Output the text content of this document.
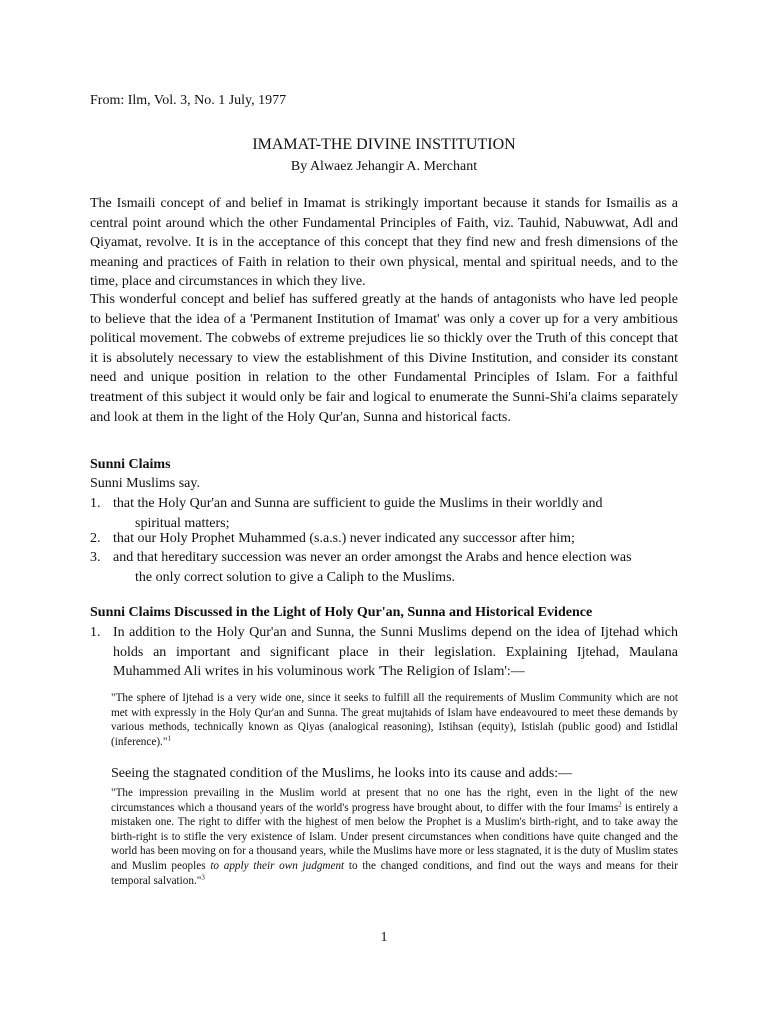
From: Ilm, Vol. 3, No. 1 July, 1977
IMAMAT-THE DIVINE INSTITUTION
By Alwaez Jehangir A. Merchant

The Ismaili concept of and belief in Imamat is strikingly important because it stands for Ismailis as a central point around which the other Fundamental Principles of Faith, viz. Tauhid, Nabuwwat, Adl and Qiyamat, revolve. It is in the acceptance of this concept that they find new and fresh dimensions of the meaning and practices of Faith in relation to their own physical, mental and spiritual needs, and to the time, place and circumstances in which they live.

This wonderful concept and belief has suffered greatly at the hands of antagonists who have led people to believe that the idea of a 'Permanent Institution of Imamat' was only a cover up for a very ambitious political movement. The cobwebs of extreme prejudices lie so thickly over the Truth of this concept that it is absolutely necessary to view the establishment of this Divine Institution, and consider its constant need and unique position in relation to the other Fundamental Principles of Islam. For a faithful treatment of this subject it would only be fair and logical to enumerate the Sunni-Shi'a claims separately and look at them in the light of the Holy Qur'an, Sunna and historical facts.

Sunni Claims
Sunni Muslims say.
1. that the Holy Qur'an and Sunna are sufficient to guide the Muslims in their worldly and
spiritual matters;
2. that our Holy Prophet Muhammed (s.a.s.) never indicated any successor after him;
3. and that hereditary succession was never an order amongst the Arabs and hence election was
the only correct solution to give a Caliph to the Muslims.
Sunni Claims Discussed in the Light of Holy Qur'an, Sunna and Historical Evidence
1. In addition to the Holy Qur'an and Sunna, the Sunni Muslims depend on the idea of Ijtehad which holds an important and significant place in their legislation. Explaining Ijtehad, Maulana Muhammed Ali writes in his voluminous work 'The Religion of Islam':—

"The sphere of Ijtehad is a very wide one, since it seeks to fulfill all the requirements of Muslim Community which are not met with expressly in the Holy Qur'an and Sunna. The great mujtahids of Islam have endeavoured to meet these demands by various methods, technically known as Qiyas (analogical reasoning), Istihsan (equity), Istislah (public good) and Istidlal (inference)."$^1$

Seeing the stagnated condition of the Muslims, he looks into its cause and adds:—

"The impression prevailing in the Muslim world at present that no one has the right, even in the light of the new circumstances which a thousand years of the world's progress have brought about, to differ with the four Imams$^2$ is entirely a mistaken one. The right to differ with the highest of men below the Prophet is a Muslim's birth-right, and to take away the birth-right is to stifle the very existence of Islam. Under present circumstances when conditions have quite changed and the world has been moving on for a thousand years, while the Muslims have more or less stagnated, it is the duty of Muslim states and Muslim peoples to apply their own judgment to the changed conditions, and find out the ways and means for their temporal salvation."$^3$

1
